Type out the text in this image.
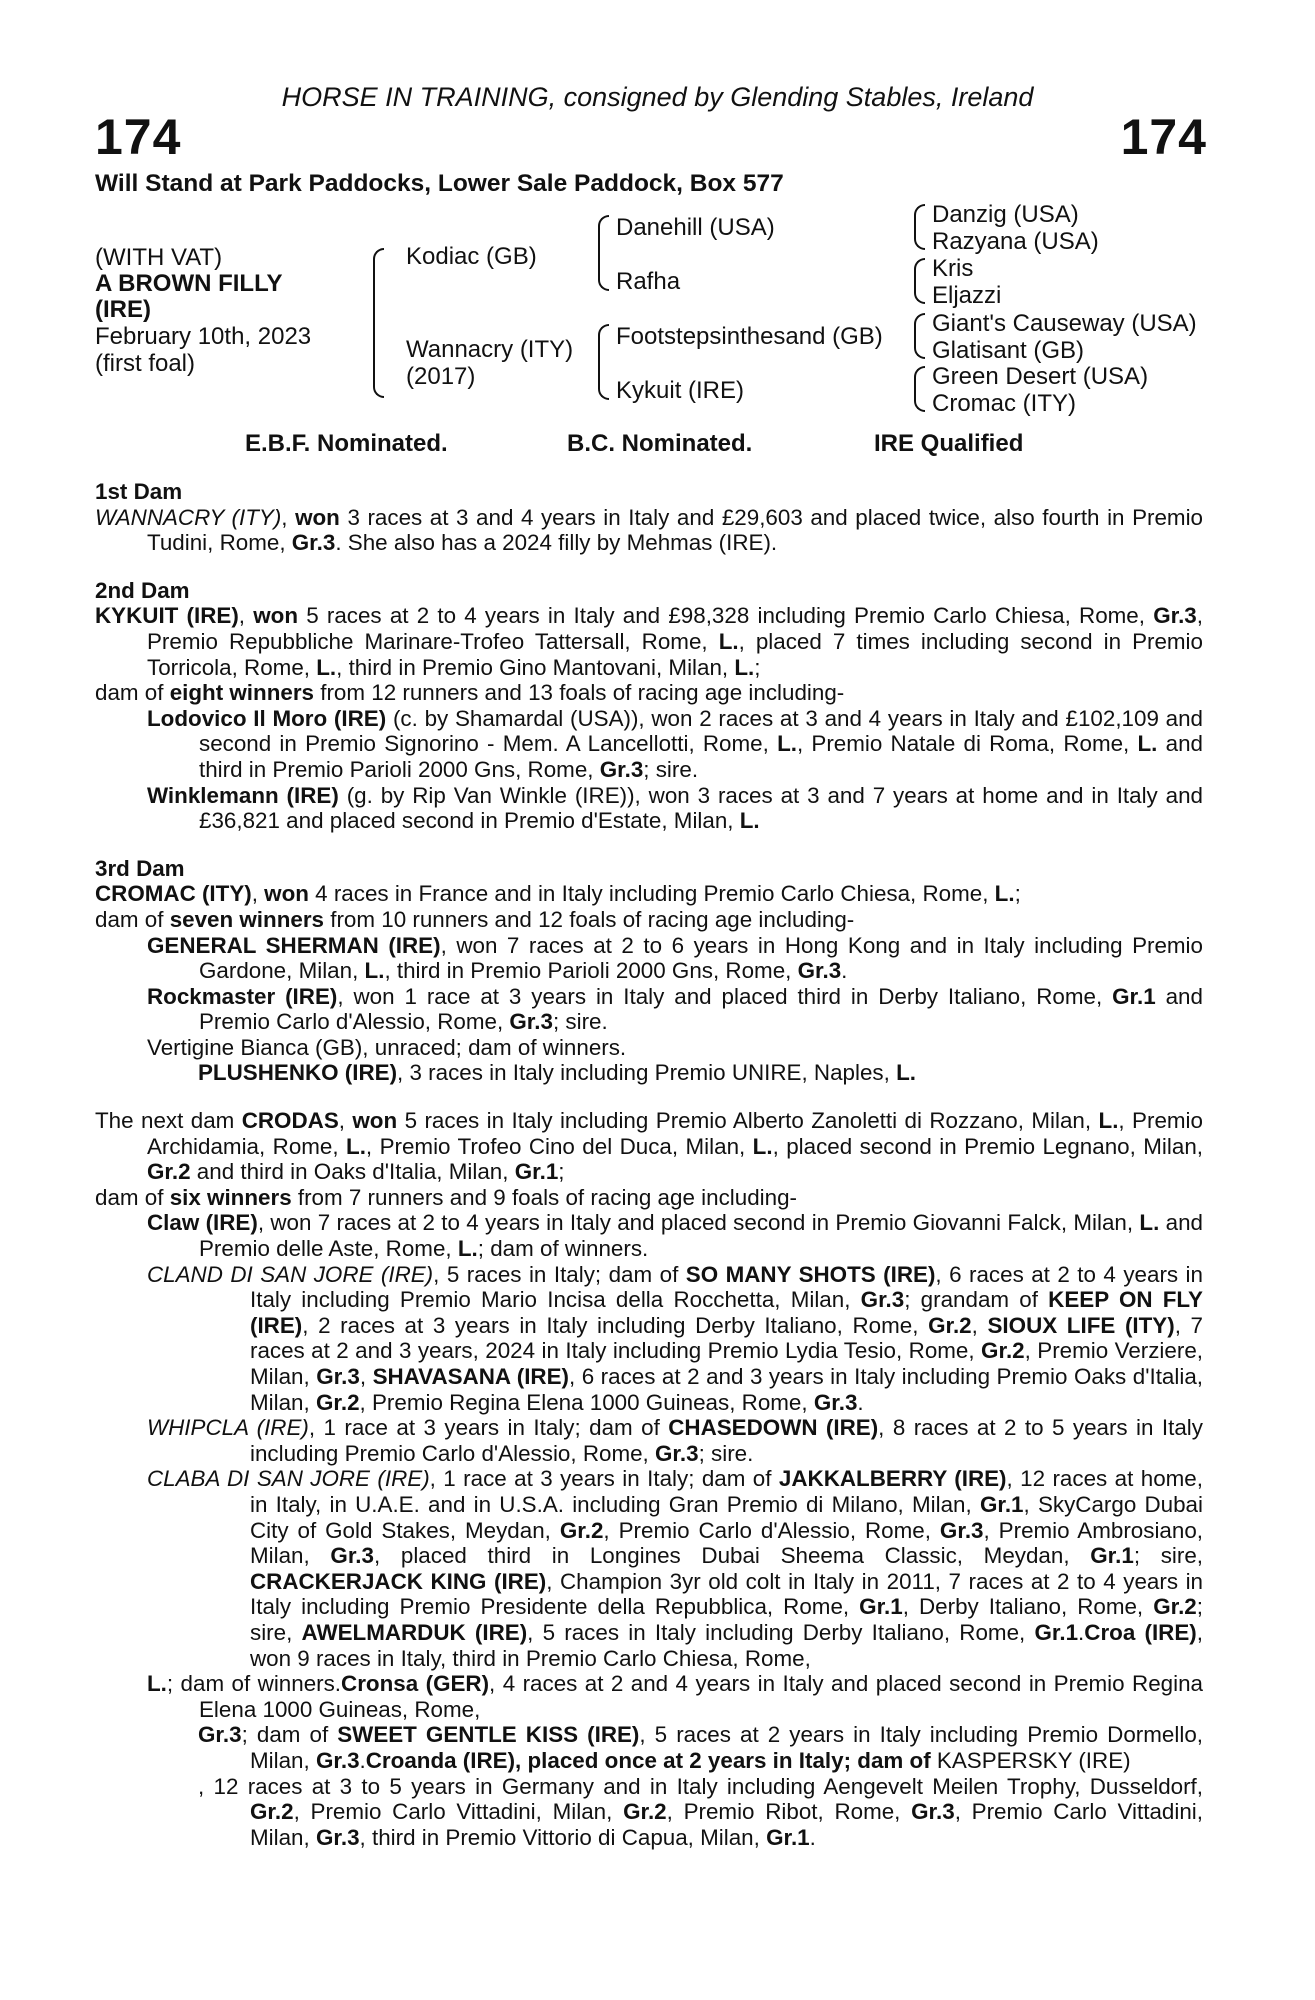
HORSE IN TRAINING, consigned by Glending Stables, Ireland
174	174
Will Stand at Park Paddocks, Lower Sale Paddock, Box 577
(WITH VAT)
A BROWN FILLY
(IRE)
February 10th, 2023
(first foal)
Kodiac (GB)
Wannacry (ITY)
(2017)
Danehill (USA)
Rafha
Footstepsinthesand (GB)
Kykuit (IRE)
Danzig (USA)
Razyana (USA)
Kris
Eljazzi
Giant's Causeway (USA)
Glatisant (GB)
Green Desert (USA)
Cromac (ITY)
E.B.F. Nominated.	B.C. Nominated.	IRE Qualified
1st Dam

WANNACRY (ITY), won 3 races at 3 and 4 years in Italy and £29,603 and placed twice, also fourth in Premio Tudini, Rome, Gr.3. She also has a 2024 filly by Mehmas (IRE).

2nd Dam

KYKUIT (IRE), won 5 races at 2 to 4 years in Italy and £98,328 including Premio Carlo Chiesa, Rome, Gr.3, Premio Repubbliche Marinare-Trofeo Tattersall, Rome, L., placed 7 times including second in Premio Torricola, Rome, L., third in Premio Gino Mantovani, Milan, L.;

dam of eight winners from 12 runners and 13 foals of racing age including-

Lodovico Il Moro (IRE) (c. by Shamardal (USA)), won 2 races at 3 and 4 years in Italy and £102,109 and second in Premio Signorino - Mem. A Lancellotti, Rome, L., Premio Natale di Roma, Rome, L. and third in Premio Parioli 2000 Gns, Rome, Gr.3; sire.

Winklemann (IRE) (g. by Rip Van Winkle (IRE)), won 3 races at 3 and 7 years at home and in Italy and £36,821 and placed second in Premio d'Estate, Milan, L.

3rd Dam

CROMAC (ITY), won 4 races in France and in Italy including Premio Carlo Chiesa, Rome, L.;

dam of seven winners from 10 runners and 12 foals of racing age including-

GENERAL SHERMAN (IRE), won 7 races at 2 to 6 years in Hong Kong and in Italy including Premio Gardone, Milan, L., third in Premio Parioli 2000 Gns, Rome, Gr.3.

Rockmaster (IRE), won 1 race at 3 years in Italy and placed third in Derby Italiano, Rome, Gr.1 and Premio Carlo d'Alessio, Rome, Gr.3; sire.

Vertigine Bianca (GB), unraced; dam of winners.

PLUSHENKO (IRE), 3 races in Italy including Premio UNIRE, Naples, L.

The next dam CRODAS, won 5 races in Italy including Premio Alberto Zanoletti di Rozzano, Milan, L., Premio Archidamia, Rome, L., Premio Trofeo Cino del Duca, Milan, L., placed second in Premio Legnano, Milan, Gr.2 and third in Oaks d'Italia, Milan, Gr.1;

dam of six winners from 7 runners and 9 foals of racing age including-

Claw (IRE), won 7 races at 2 to 4 years in Italy and placed second in Premio Giovanni Falck, Milan, L. and Premio delle Aste, Rome, L.; dam of winners.

CLAND DI SAN JORE (IRE), 5 races in Italy; dam of SO MANY SHOTS (IRE), 6 races at 2 to 4 years in Italy including Premio Mario Incisa della Rocchetta, Milan, Gr.3; grandam of KEEP ON FLY (IRE), 2 races at 3 years in Italy including Derby Italiano, Rome, Gr.2, SIOUX LIFE (ITY), 7 races at 2 and 3 years, 2024 in Italy including Premio Lydia Tesio, Rome, Gr.2, Premio Verziere, Milan, Gr.3, SHAVASANA (IRE), 6 races at 2 and 3 years in Italy including Premio Oaks d'Italia, Milan, Gr.2, Premio Regina Elena 1000 Guineas, Rome, Gr.3.

WHIPCLA (IRE), 1 race at 3 years in Italy; dam of CHASEDOWN (IRE), 8 races at 2 to 5 years in Italy including Premio Carlo d'Alessio, Rome, Gr.3; sire.

CLABA DI SAN JORE (IRE), 1 race at 3 years in Italy; dam of JAKKALBERRY (IRE), 12 races at home, in Italy, in U.A.E. and in U.S.A. including Gran Premio di Milano, Milan, Gr.1, SkyCargo Dubai City of Gold Stakes, Meydan, Gr.2, Premio Carlo d'Alessio, Rome, Gr.3, Premio Ambrosiano, Milan, Gr.3, placed third in Longines Dubai Sheema Classic, Meydan, Gr.1; sire, CRACKERJACK KING (IRE), Champion 3yr old colt in Italy in 2011, 7 races at 2 to 4 years in Italy including Premio Presidente della Repubblica, Rome, Gr.1, Derby Italiano, Rome, Gr.2; sire, AWELMARDUK (IRE), 5 races in Italy including Derby Italiano, Rome, Gr.1.Croa (IRE), won 9 races in Italy, third in Premio Carlo Chiesa, Rome,

L.; dam of winners.Cronsa (GER), 4 races at 2 and 4 years in Italy and placed second in Premio Regina Elena 1000 Guineas, Rome,

Gr.3; dam of SWEET GENTLE KISS (IRE), 5 races at 2 years in Italy including Premio Dormello, Milan, Gr.3.Croanda (IRE), placed once at 2 years in Italy; dam of KASPERSKY (IRE)

, 12 races at 3 to 5 years in Germany and in Italy including Aengevelt Meilen Trophy, Dusseldorf, Gr.2, Premio Carlo Vittadini, Milan, Gr.2, Premio Ribot, Rome, Gr.3, Premio Carlo Vittadini, Milan, Gr.3, third in Premio Vittorio di Capua, Milan, Gr.1.
